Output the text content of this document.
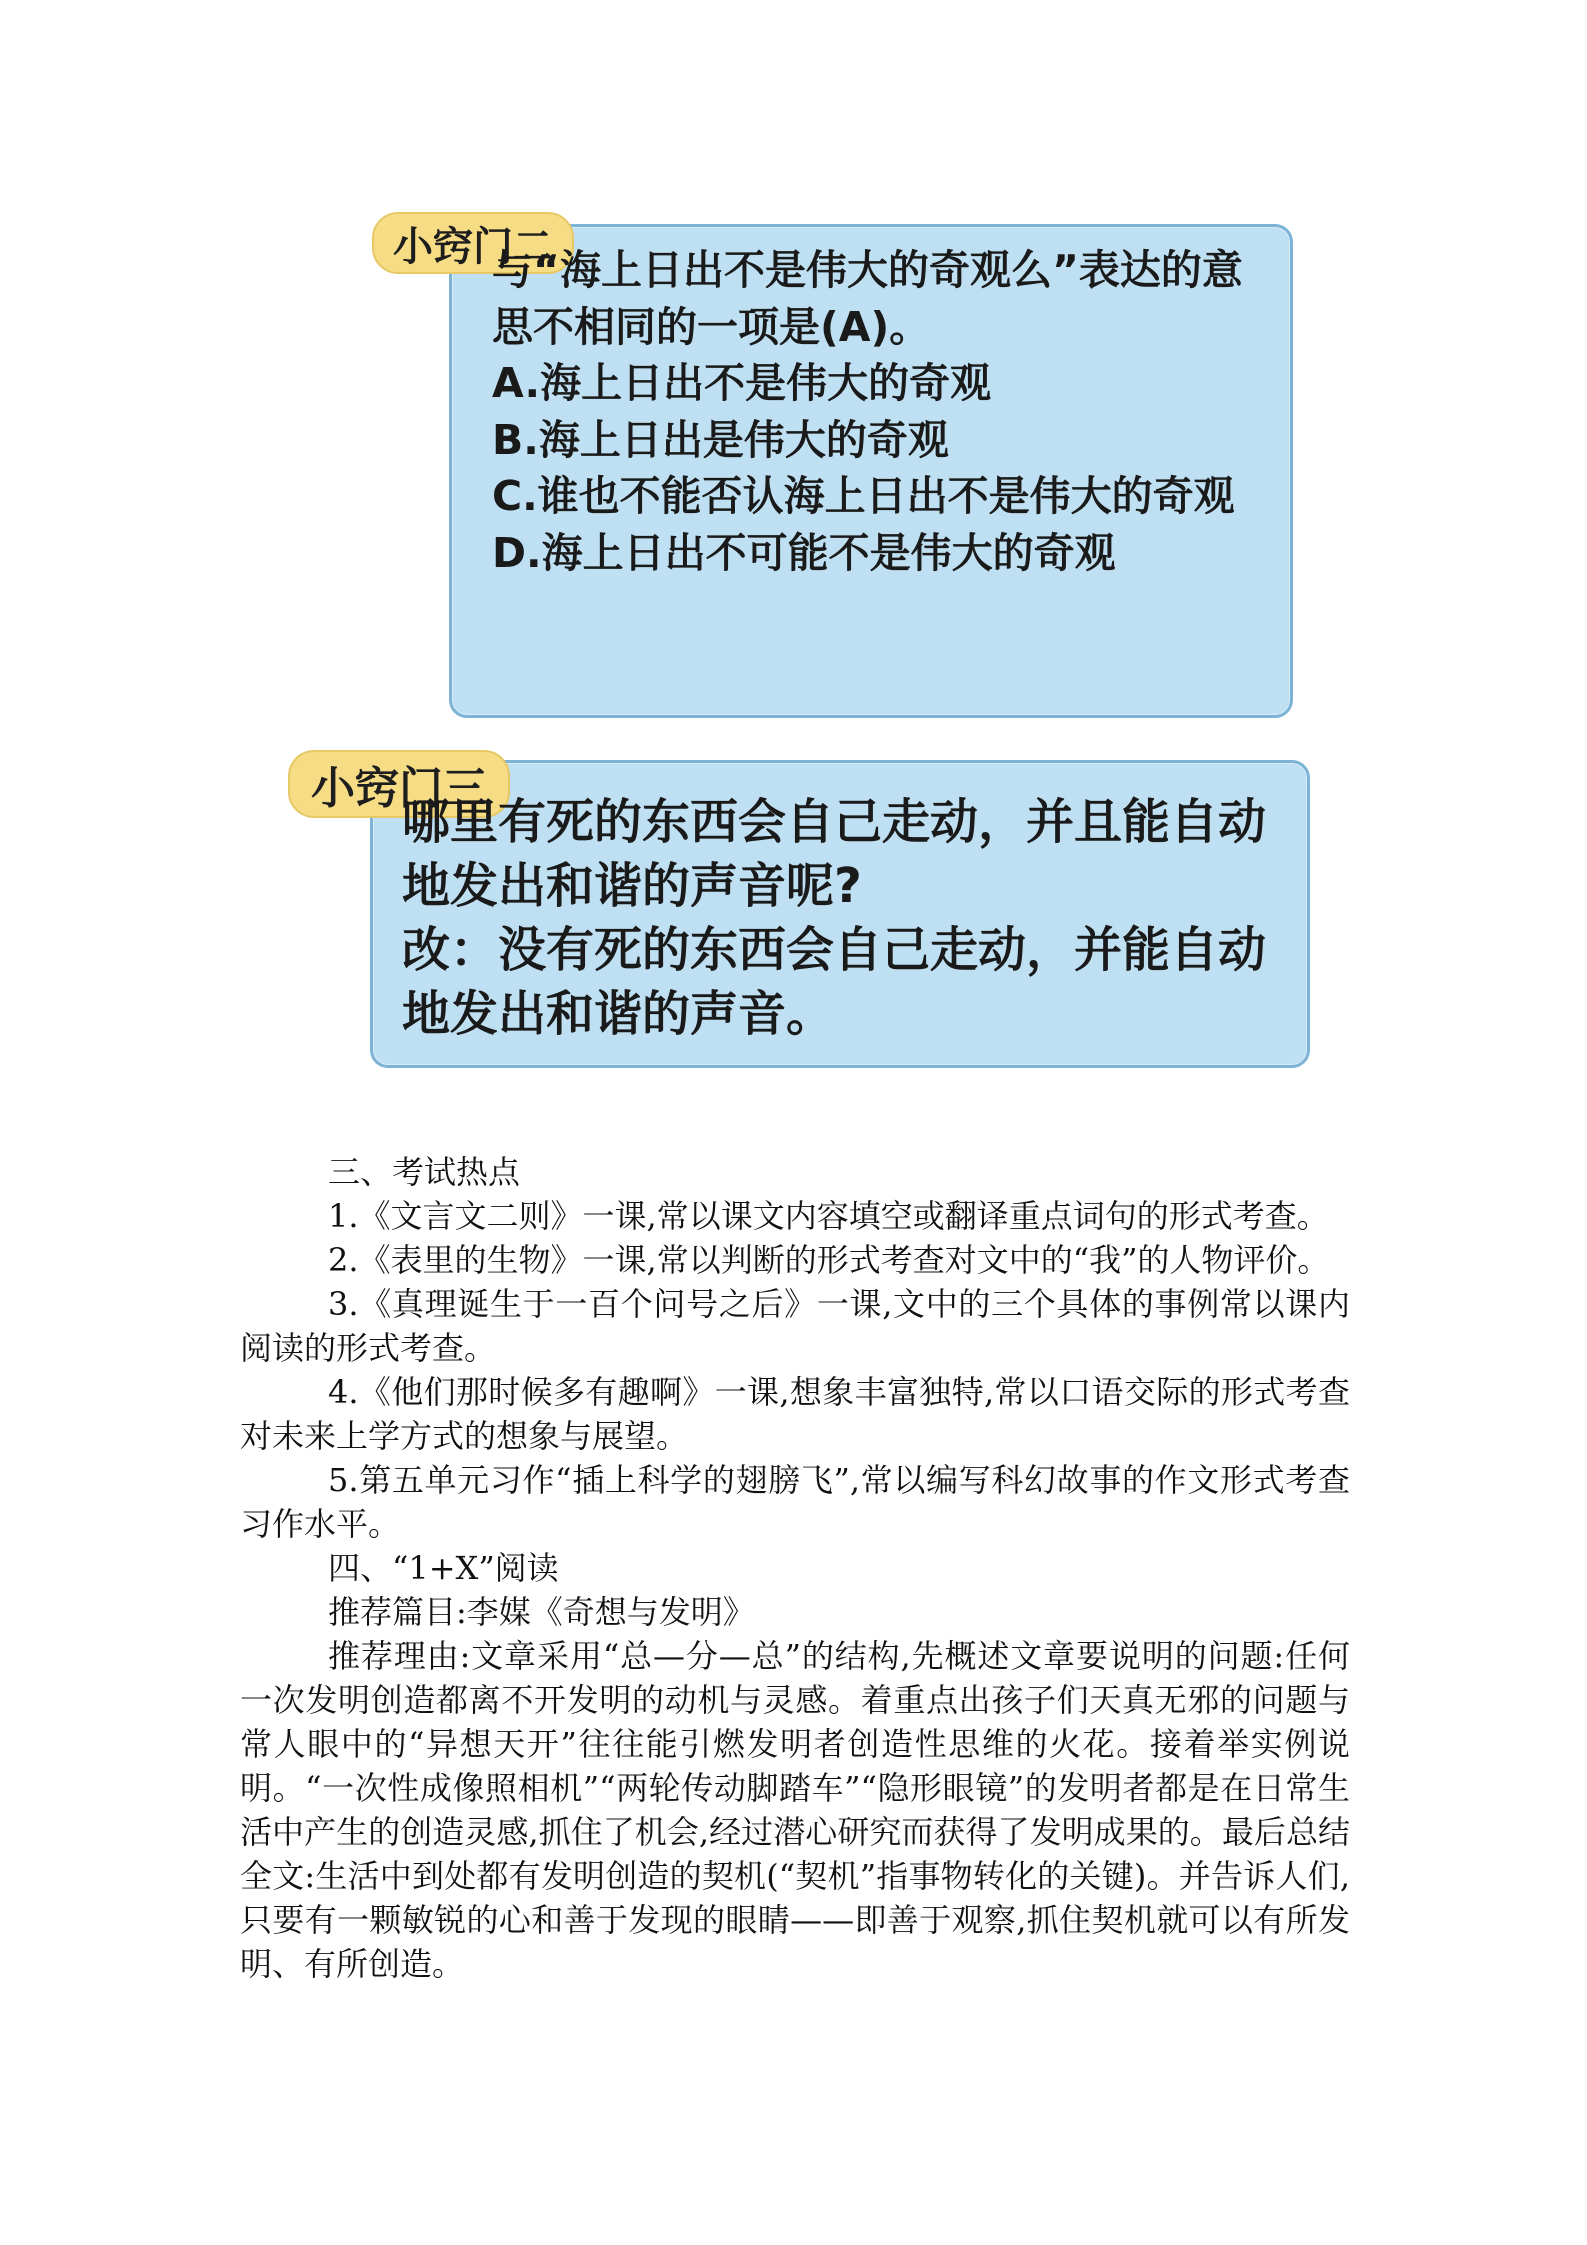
小窍门二
与“海上日出不是伟大的奇观么”表达的意思不相同的一项是(A)。
A.海上日出不是伟大的奇观
B.海上日出是伟大的奇观
C.谁也不能否认海上日出不是伟大的奇观
D.海上日出不可能不是伟大的奇观
小窍门三
哪里有死的东西会自己走动，并且能自动地发出和谐的声音呢?
改：没有死的东西会自己走动，并能自动地发出和谐的声音。

三、考试热点

1.《文言文二则》一课,常以课文内容填空或翻译重点词句的形式考查。

2.《表里的生物》一课,常以判断的形式考查对文中的“我”的人物评价。

3.《真理诞生于一百个问号之后》一课,文中的三个具体的事例常以课内阅读的形式考查。

4.《他们那时候多有趣啊》一课,想象丰富独特,常以口语交际的形式考查对未来上学方式的想象与展望。

5.第五单元习作“插上科学的翅膀飞”,常以编写科幻故事的作文形式考查习作水平。

四、“1+X”阅读

推荐篇目:李媒《奇想与发明》

推荐理由:文章采用“总—分—总”的结构,先概述文章要说明的问题:任何一次发明创造都离不开发明的动机与灵感。着重点出孩子们天真无邪的问题与常人眼中的“异想天开”往往能引燃发明者创造性思维的火花。接着举实例说明。“一次性成像照相机”“两轮传动脚踏车”“隐形眼镜”的发明者都是在日常生活中产生的创造灵感,抓住了机会,经过潜心研究而获得了发明成果的。最后总结全文:生活中到处都有发明创造的契机(“契机”指事物转化的关键)。并告诉人们,只要有一颗敏锐的心和善于发现的眼睛——即善于观察,抓住契机就可以有所发明、有所创造。
